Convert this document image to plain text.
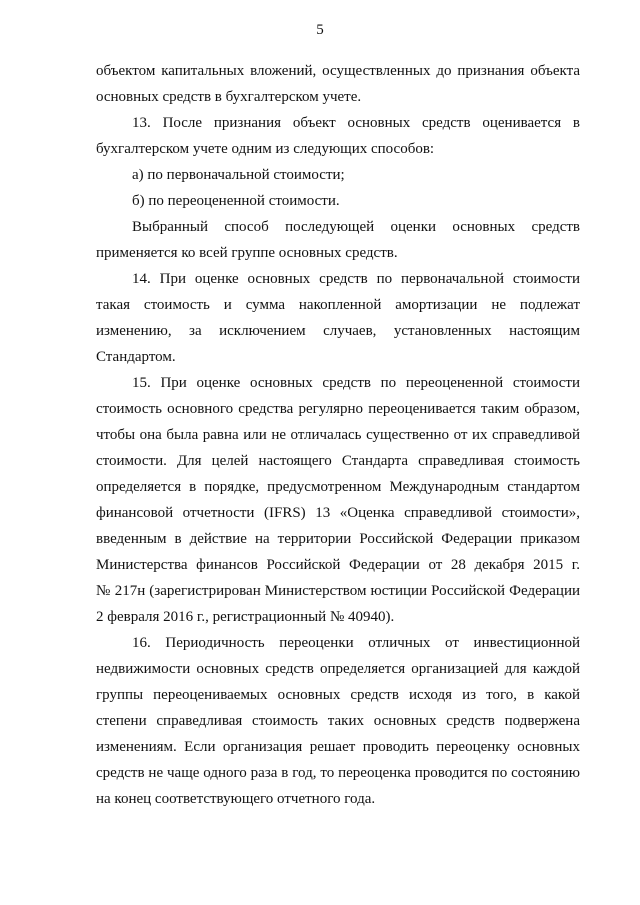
5
объектом капитальных вложений, осуществленных до признания объекта
основных средств в бухгалтерском учете.
13. После признания объект основных средств оценивается в
бухгалтерском учете одним из следующих способов:
а) по первоначальной стоимости;
б) по переоцененной стоимости.
Выбранный способ последующей оценки основных средств
применяется ко всей группе основных средств.
14. При оценке основных средств по первоначальной стоимости
такая стоимость и сумма накопленной амортизации не подлежат
изменению, за исключением случаев, установленных настоящим
Стандартом.
15. При оценке основных средств по переоцененной стоимости
стоимость основного средства регулярно переоценивается таким образом,
чтобы она была равна или не отличалась существенно от их справедливой
стоимости. Для целей настоящего Стандарта справедливая стоимость
определяется в порядке, предусмотренном Международным стандартом
финансовой отчетности (IFRS) 13 «Оценка справедливой стоимости»,
введенным в действие на территории Российской Федерации приказом
Министерства финансов Российской Федерации от 28 декабря 2015 г.
№ 217н (зарегистрирован Министерством юстиции Российской Федерации
2 февраля 2016 г., регистрационный № 40940).
16. Периодичность переоценки отличных от инвестиционной
недвижимости основных средств определяется организацией для каждой
группы переоцениваемых основных средств исходя из того, в какой
степени справедливая стоимость таких основных средств подвержена
изменениям. Если организация решает проводить переоценку основных
средств не чаще одного раза в год, то переоценка проводится по состоянию
на конец соответствующего отчетного года.
